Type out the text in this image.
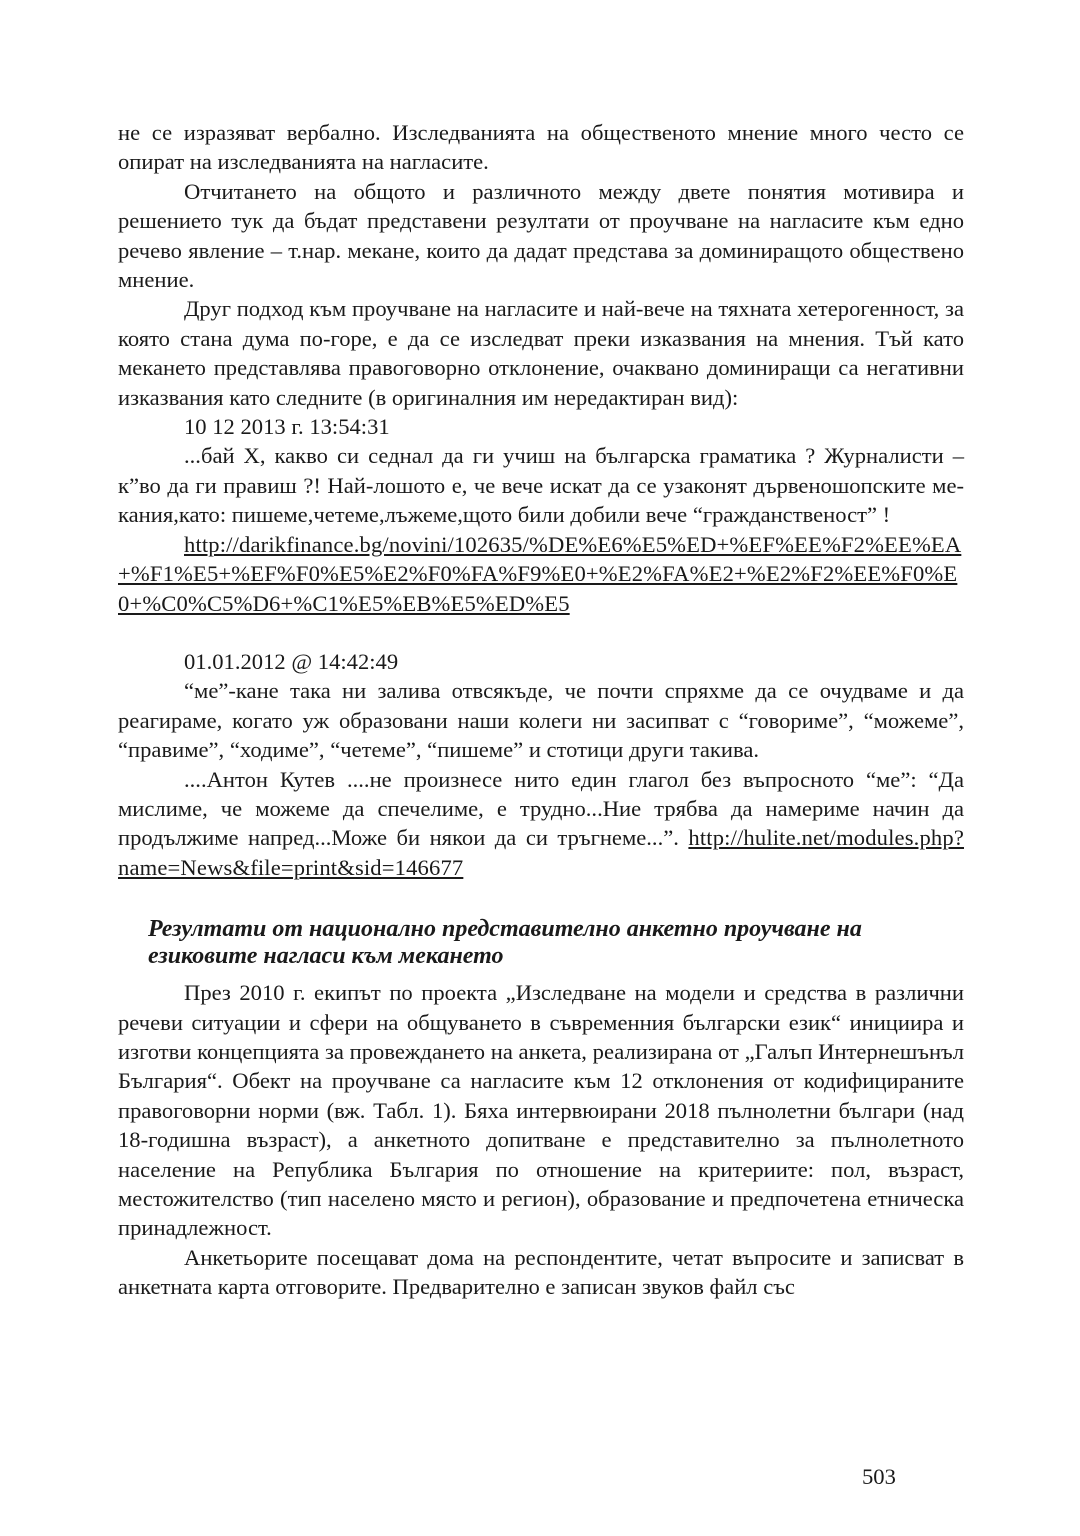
не се изразяват вербално. Изследванията на общественото мнение много често се опират на изследванията на нагласите.

Отчитането на общото и различното между двете понятия мотивира и решението тук да бъдат представени резултати от проучване на нагласите към едно речево явление – т.нар. мекане, които да дадат представа за доминиращото обществено мнение.

Друг подход към проучване на нагласите и най-вече на тяхната хетерогенност, за която стана дума по-горе, е да се изследват преки изказвания на мнения. Тъй като мекането представлява правоговорно отклонение, очаквано доминиращи са негативни изказвания като следните (в оригиналния им нередактиран вид):

10 12 2013 г. 13:54:31

...бай Х, какво си седнал да ги учиш на българска граматика ? Журналисти – к”во да ги правиш ?! Най-лошото е, че вече искат да се узаконят дървеношопските ме-кания,като: пишеме,четеме,лъжеме,щото били добили вече “гражданственост” !

http://darikfinance.bg/novini/102635/%DE%E6%E5%ED+%EF%EE%F2%EE%EA+%F1%E5+%EF%F0%E5%E2%F0%FA%F9%E0+%E2%FA%E2+%E2%F2%EE%F0%E0+%C0%C5%D6+%C1%E5%EB%E5%ED%E5

01.01.2012 @ 14:42:49

“ме”-кане така ни залива отвсякъде, че почти спряхме да се очудваме и да реагираме, когато уж образовани наши колеги ни засипват с “говориме”, “можеме”, “правиме”, “ходиме”, “четеме”, “пишеме” и стотици други такива.

....Антон Кутев ....не произнесе нито един глагол без въпросното “ме”: “Да мислиме, че можеме да спечелиме, е трудно...Ние трябва да намериме начин да продължиме напред...Може би някои да си тръгнеме...”. http://hulite.net/modules.php?name=News&file=print&sid=146677

Резултати от национално представително анкетно проучване на езиковите нагласи към мекането

През 2010 г. екипът по проекта „Изследване на модели и средства в различни речеви ситуации и сфери на общуването в съвременния български език“ инициира и изготви концепцията за провеждането на анкета, реализирана от „Галъп Интернешънъл България“. Обект на проучване са нагласите към 12 отклонения от кодифицираните правоговорни норми (вж. Табл. 1). Бяха интервюирани 2018 пълнолетни българи (над 18-годишна възраст), а анкетното допитване е представително за пълнолетното население на Република България по отношение на критериите: пол, възраст, местожителство (тип населено място и регион), образование и предпочетена етническа принадлежност.

Анкетьорите посещават дома на респондентите, четат въпросите и записват в анкетната карта отговорите. Предварително е записан звуков файл със

503
